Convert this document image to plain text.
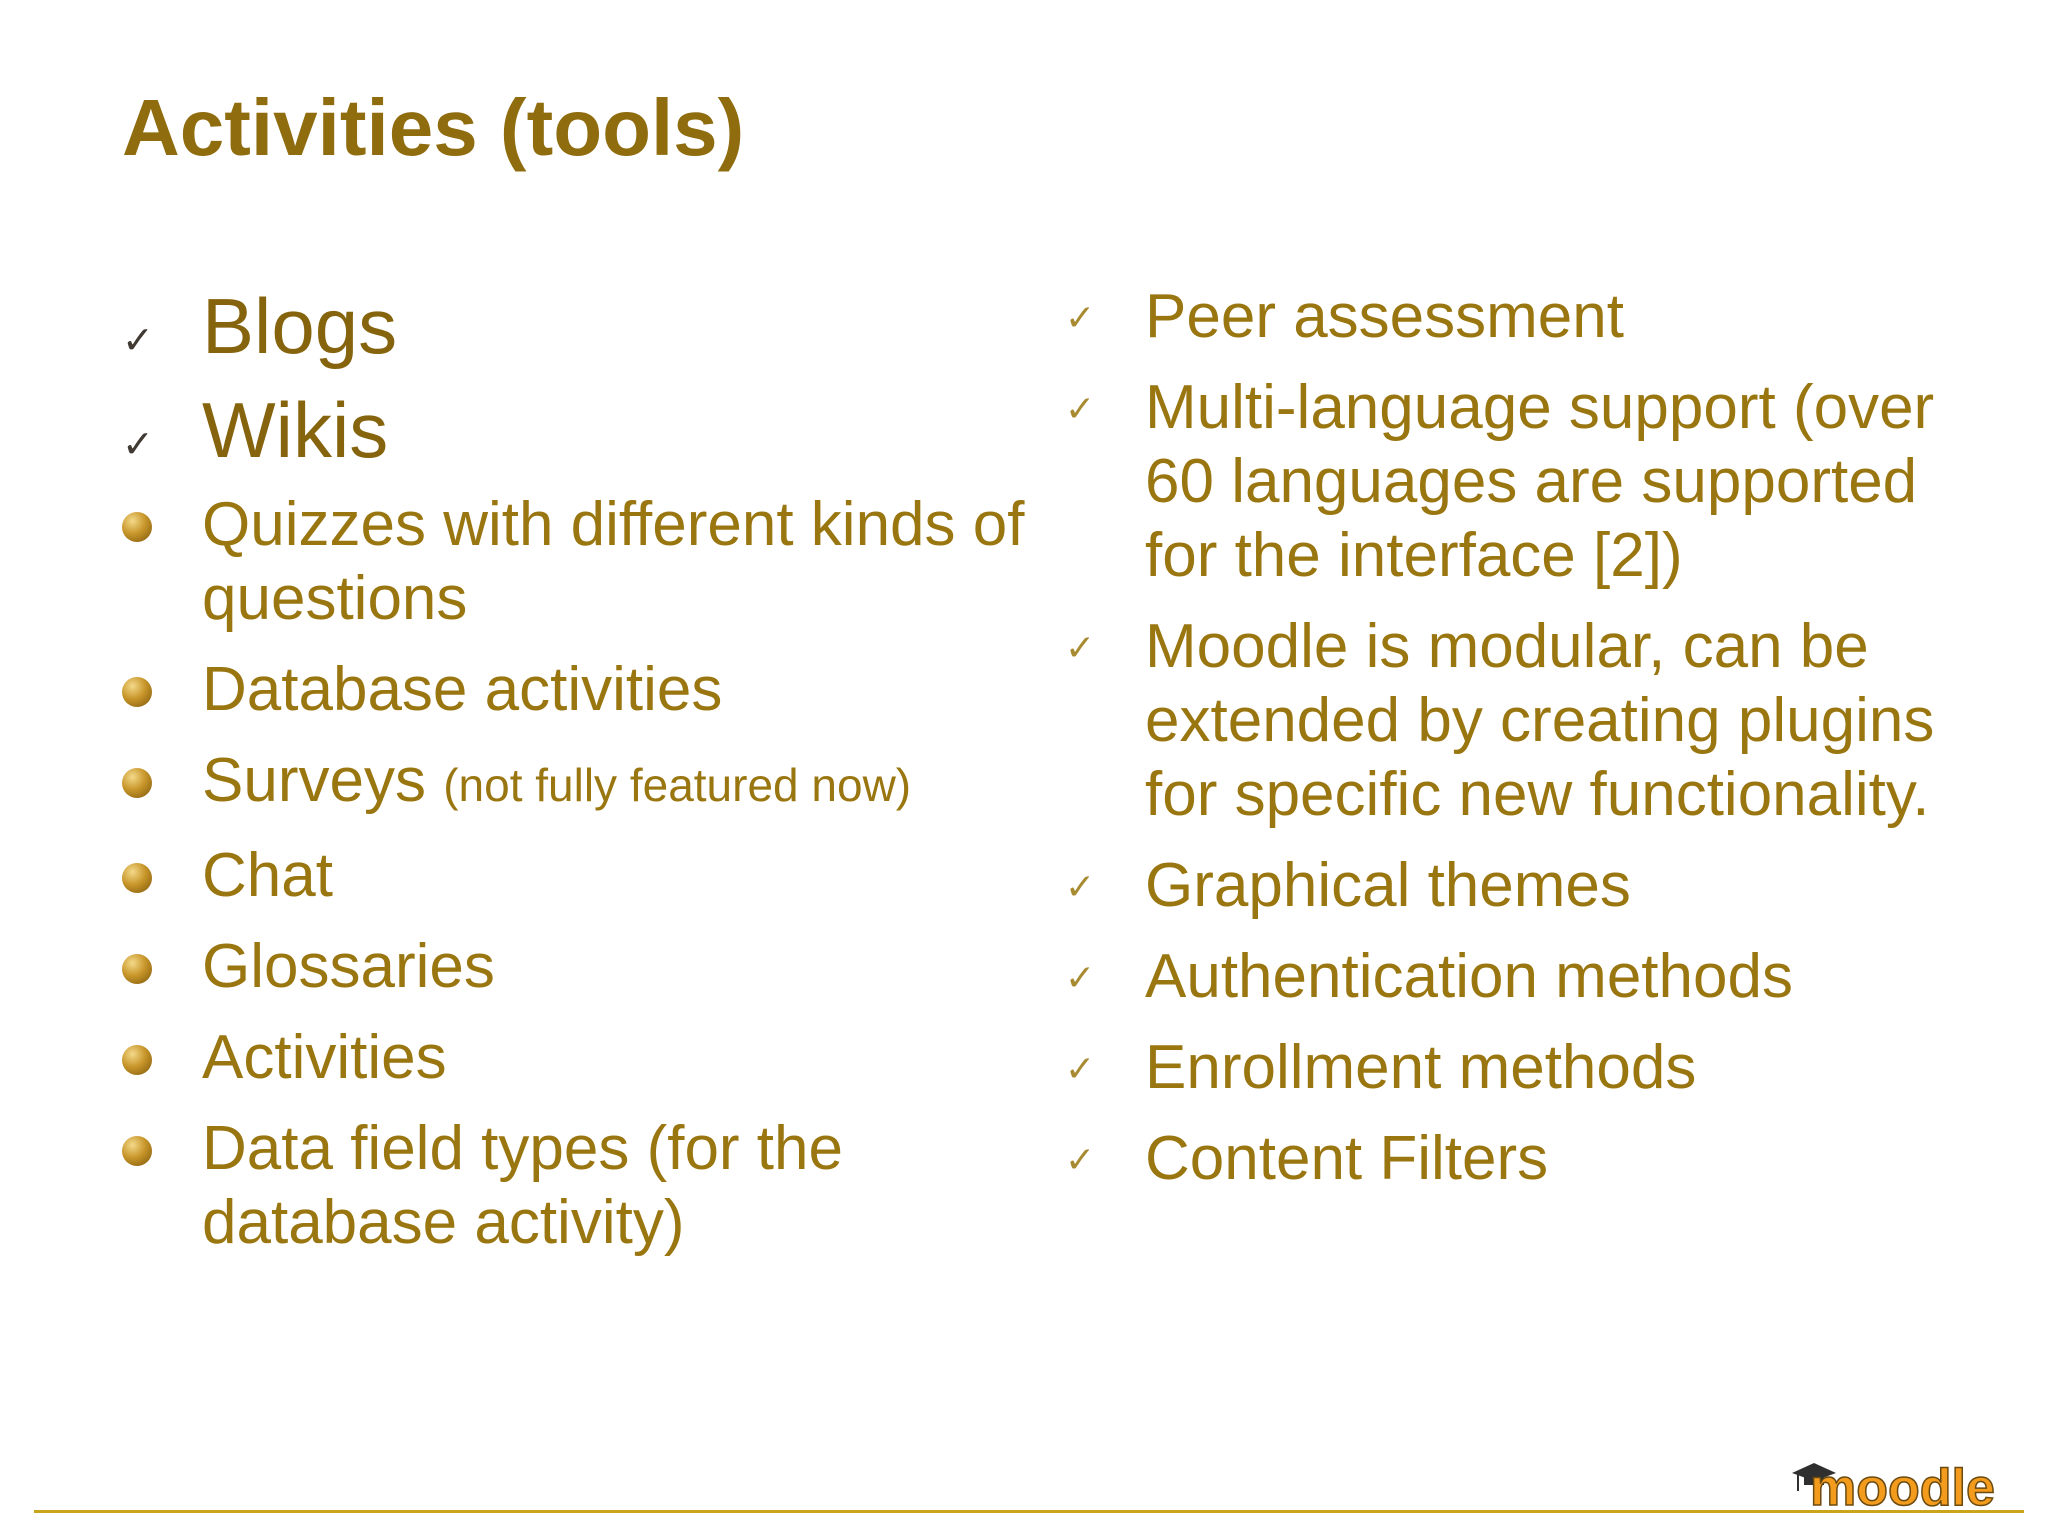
Activities (tools)
✓ Blogs
✓ Wikis
Quizzes with different kinds of questions
Database activities
Surveys (not fully featured now)
Chat
Glossaries
Activities
Data field types (for the database activity)
✓ Peer assessment
✓ Multi-language support (over 60 languages are supported for the interface [2])
✓ Moodle is modular, can be extended by creating plugins for specific new functionality.
✓ Graphical themes
✓ Authentication methods
✓ Enrollment methods
✓ Content Filters
moodle
